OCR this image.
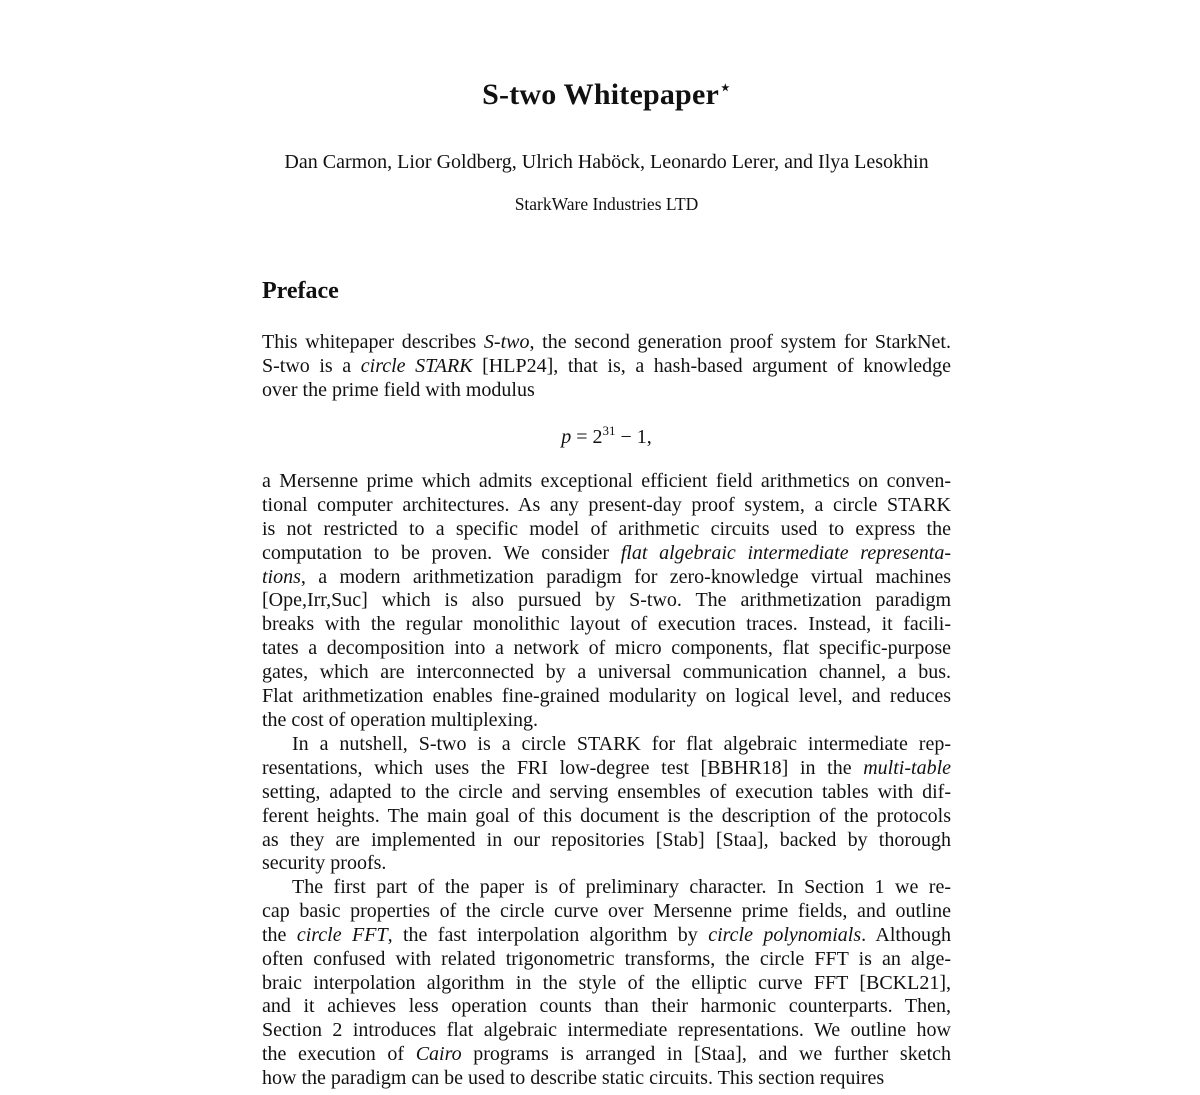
S-two Whitepaper⋆
Dan Carmon, Lior Goldberg, Ulrich Haböck, Leonardo Lerer, and Ilya Lesokhin
StarkWare Industries LTD
Preface
This whitepaper describes S-two, the second generation proof system for StarkNet.
S-two is a circle STARK [HLP24], that is, a hash-based argument of knowledge
over the prime field with modulus
$p = 2^{31} - 1$,
a Mersenne prime which admits exceptional efficient field arithmetics on conven-
tional computer architectures. As any present-day proof system, a circle STARK
is not restricted to a specific model of arithmetic circuits used to express the
computation to be proven. We consider flat algebraic intermediate representa-
tions, a modern arithmetization paradigm for zero-knowledge virtual machines
[Ope,Irr,Suc] which is also pursued by S-two. The arithmetization paradigm
breaks with the regular monolithic layout of execution traces. Instead, it facili-
tates a decomposition into a network of micro components, flat specific-purpose
gates, which are interconnected by a universal communication channel, a bus.
Flat arithmetization enables fine-grained modularity on logical level, and reduces
the cost of operation multiplexing.
In a nutshell, S-two is a circle STARK for flat algebraic intermediate rep-
resentations, which uses the FRI low-degree test [BBHR18] in the multi-table
setting, adapted to the circle and serving ensembles of execution tables with dif-
ferent heights. The main goal of this document is the description of the protocols
as they are implemented in our repositories [Stab] [Staa], backed by thorough
security proofs.
The first part of the paper is of preliminary character. In Section 1 we re-
cap basic properties of the circle curve over Mersenne prime fields, and outline
the circle FFT, the fast interpolation algorithm by circle polynomials. Although
often confused with related trigonometric transforms, the circle FFT is an alge-
braic interpolation algorithm in the style of the elliptic curve FFT [BCKL21],
and it achieves less operation counts than their harmonic counterparts. Then,
Section 2 introduces flat algebraic intermediate representations. We outline how
the execution of Cairo programs is arranged in [Staa], and we further sketch
how the paradigm can be used to describe static circuits. This section requires
